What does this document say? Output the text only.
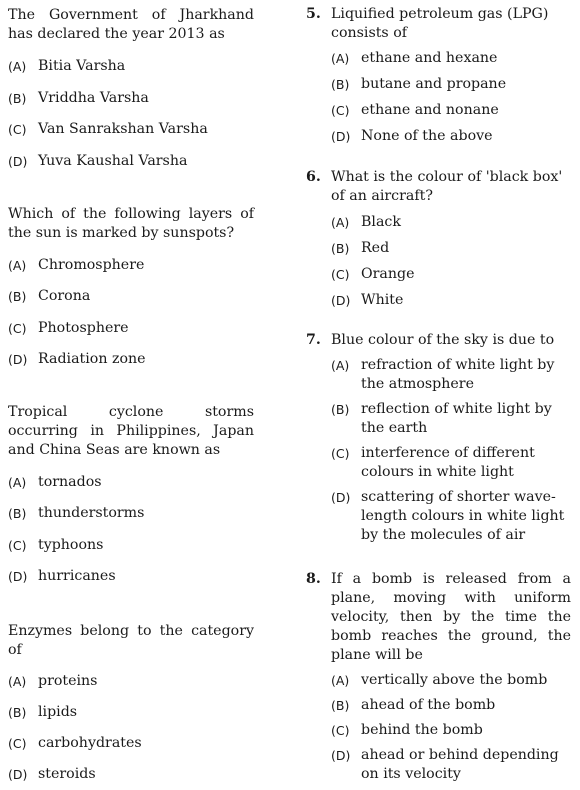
The Government of Jharkhand has declared the year 2013 as
(A) Bitia Varsha
(B) Vriddha Varsha
(C) Van Sanrakshan Varsha
(D) Yuva Kaushal Varsha
Which of the following layers of the sun is marked by sunspots?
(A) Chromosphere
(B) Corona
(C) Photosphere
(D) Radiation zone
Tropical cyclone storms occurring in Philippines, Japan and China Seas are known as
(A) tornados
(B) thunderstorms
(C) typhoons
(D) hurricanes
Enzymes belong to the category of
(A) proteins
(B) lipids
(C) carbohydrates
(D) steroids
5. Liquified petroleum gas (LPG) consists of
(A) ethane and hexane
(B) butane and propane
(C) ethane and nonane
(D) None of the above
6. What is the colour of 'black box' of an aircraft?
(A) Black
(B) Red
(C) Orange
(D) White
7. Blue colour of the sky is due to
(A) refraction of white light by the atmosphere
(B) reflection of white light by the earth
(C) interference of different colours in white light
(D) scattering of shorter wave-length colours in white light by the molecules of air
8. If a bomb is released from a plane, moving with uniform velocity, then by the time the bomb reaches the ground, the plane will be
(A) vertically above the bomb
(B) ahead of the bomb
(C) behind the bomb
(D) ahead or behind depending on its velocity
